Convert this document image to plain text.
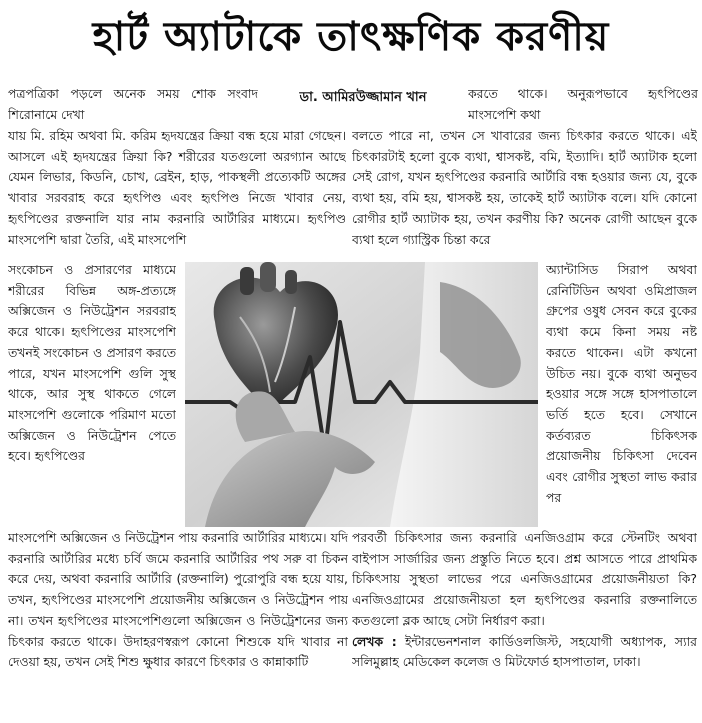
হার্ট অ্যাটাকে তাৎক্ষণিক করণীয়
ডা. আমিরউজ্জামান খান

পত্রপত্রিকা পড়লে অনেক সময় শোক সংবাদ শিরোনামে দেখা

করতে থাকে। অনুরূপভাবে হৃৎপিণ্ডের মাংসপেশি কথা

যায় মি. রহিম অথবা মি. করিম হৃদযন্ত্রের ক্রিয়া বন্ধ হয়ে মারা গেছেন। আসলে এই হৃদযন্ত্রের ক্রিয়া কি? শরীরের যতগুলো অরগ্যান আছে যেমন লিভার, কিডনি, চোখ, ব্রেইন, হাড়, পাকস্থলী প্রত্যেকটি অঙ্গের খাবার সরবরাহ করে হৃৎপিণ্ড এবং হৃৎপিণ্ড নিজে খাবার নেয়, হৃৎপিণ্ডের রক্তনালি যার নাম করনারি আর্টারির মাধ্যমে। হৃৎপিণ্ড মাংসপেশি দ্বারা তৈরি, এই মাংসপেশি

বলতে পারে না, তখন সে খাবারের জন্য চিৎকার করতে থাকে। এই চিৎকারটাই হলো বুকে ব্যথা, শ্বাসকষ্ট, বমি, ইত্যাদি। হার্ট অ্যাটাক হলো সেই রোগ, যখন হৃৎপিণ্ডের করনারি আর্টারি বন্ধ হওয়ার জন্য যে, বুকে ব্যথা হয়, বমি হয়, শ্বাসকষ্ট হয়, তাকেই হার্ট অ্যাটাক বলে। যদি কোনো রোগীর হার্ট অ্যাটাক হয়, তখন করণীয় কি? অনেক রোগী আছেন বুকে ব্যথা হলে গ্যাস্ট্রিক চিন্তা করে

সংকোচন ও প্রসারণের মাধ্যমে শরীরের বিভিন্ন অঙ্গ-প্রত্যঙ্গে অক্সিজেন ও নিউট্রেশন সরবরাহ করে থাকে। হৃৎপিণ্ডের মাংসপেশি তখনই সংকোচন ও প্রসারণ করতে পারে, যখন মাংসপেশি গুলি সুস্থ থাকে, আর সুস্থ থাকতে গেলে মাংসপেশি গুলোকে পরিমাণ মতো অক্সিজেন ও নিউট্রেশন পেতে হবে। হৃৎপিণ্ডের

অ্যান্টাসিড সিরাপ অথবা রেনিটিডিন অথবা ওমিপ্রাজল গ্রুপের ওষুধ সেবন করে বুকের ব্যথা কমে কিনা সময় নষ্ট করতে থাকেন। এটা কখনো উচিত নয়। বুকে ব্যথা অনুভব হওয়ার সঙ্গে সঙ্গে হাসপাতালে ভর্তি হতে হবে। সেখানে কর্তব্যরত চিকিৎসক প্রয়োজনীয় চিকিৎসা দেবেন এবং রোগীর সুস্থতা লাভ করার পর

মাংসপেশি অক্সিজেন ও নিউট্রেশন পায় করনারি আর্টারির মাধ্যমে। যদি করনারি আর্টারির মধ্যে চর্বি জমে করনারি আর্টারির পথ সরু বা চিকন করে দেয়, অথবা করনারি আর্টারি (রক্তনালি) পুরোপুরি বন্ধ হয়ে যায়, তখন, হৃৎপিণ্ডের মাংসপেশি প্রয়োজনীয় অক্সিজেন ও নিউট্রেশন পায় না। তখন হৃৎপিণ্ডের মাংসপেশিগুলো অক্সিজেন ও নিউট্রেশনের জন্য চিৎকার করতে থাকে। উদাহরণস্বরূপ কোনো শিশুকে যদি খাবার না দেওয়া হয়, তখন সেই শিশু ক্ষুধার কারণে চিৎকার ও কান্নাকাটি

পরবর্তী চিকিৎসার জন্য করনারি এনজিওগ্রাম করে স্টেনটিং অথবা বাইপাস সার্জারির জন্য প্রস্তুতি নিতে হবে। প্রশ্ন আসতে পারে প্রাথমিক চিকিৎসায় সুস্থতা লাভের পরে এনজিওগ্রামের প্রয়োজনীয়তা কি? এনজিওগ্রামের প্রয়োজনীয়তা হল হৃৎপিণ্ডের করনারি রক্তনালিতে কতগুলো ব্লক আছে সেটা নির্ধারণ করা।
লেখক : ইন্টারভেনশনাল কার্ডিওলজিস্ট, সহযোগী অধ্যাপক, স্যার সলিমুল্লাহ মেডিকেল কলেজ ও মিটফোর্ড হাসপাতাল, ঢাকা।
